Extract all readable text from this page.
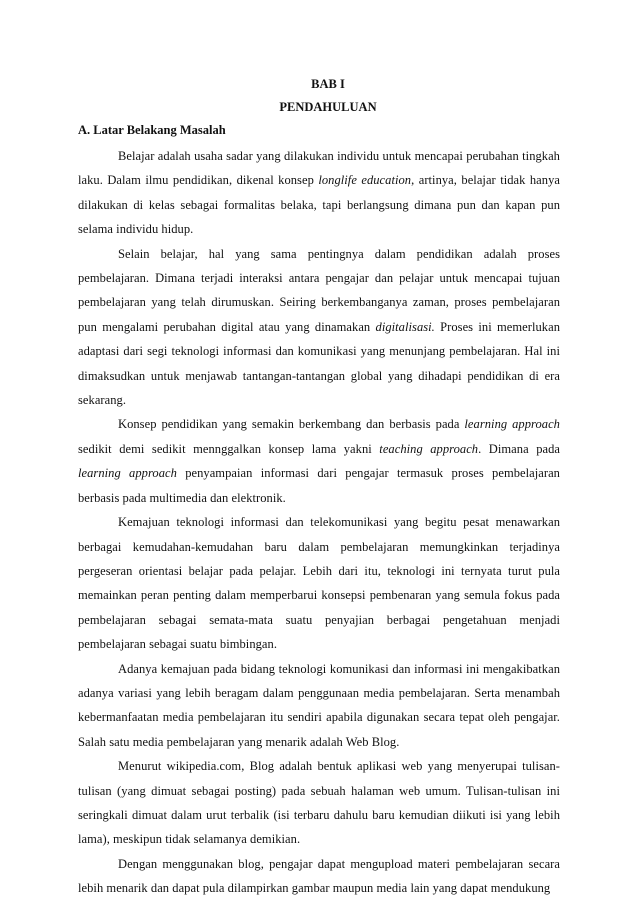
BAB I

PENDAHULUAN

A. Latar Belakang Masalah

Belajar adalah usaha sadar yang dilakukan individu untuk mencapai perubahan tingkah laku. Dalam ilmu pendidikan, dikenal konsep longlife education, artinya, belajar tidak hanya dilakukan di kelas sebagai formalitas belaka, tapi berlangsung dimana pun dan kapan pun selama individu hidup.

Selain belajar, hal yang sama pentingnya dalam pendidikan adalah proses pembelajaran. Dimana terjadi interaksi antara pengajar dan pelajar untuk mencapai tujuan pembelajaran yang telah dirumuskan. Seiring berkembanganya zaman, proses pembelajaran pun mengalami perubahan digital atau yang dinamakan digitalisasi. Proses ini memerlukan adaptasi dari segi teknologi informasi dan komunikasi yang menunjang pembelajaran. Hal ini dimaksudkan untuk menjawab tantangan-tantangan global yang dihadapi pendidikan di era sekarang.

Konsep pendidikan yang semakin berkembang dan berbasis pada learning approach sedikit demi sedikit mennggalkan konsep lama yakni teaching approach. Dimana pada learning approach penyampaian informasi dari pengajar termasuk proses pembelajaran berbasis pada multimedia dan elektronik.

Kemajuan teknologi informasi dan telekomunikasi yang begitu pesat menawarkan berbagai kemudahan-kemudahan baru dalam pembelajaran memungkinkan terjadinya pergeseran orientasi belajar pada pelajar. Lebih dari itu, teknologi ini ternyata turut pula memainkan peran penting dalam memperbarui konsepsi pembenaran yang semula fokus pada pembelajaran sebagai semata-mata suatu penyajian berbagai pengetahuan menjadi pembelajaran sebagai suatu bimbingan.

Adanya kemajuan pada bidang teknologi komunikasi dan informasi ini mengakibatkan adanya variasi yang lebih beragam dalam penggunaan media pembelajaran. Serta menambah kebermanfaatan media pembelajaran itu sendiri apabila digunakan secara tepat oleh pengajar. Salah satu media pembelajaran yang menarik adalah Web Blog.

Menurut wikipedia.com, Blog adalah bentuk aplikasi web yang menyerupai tulisan-tulisan (yang dimuat sebagai posting) pada sebuah halaman web umum. Tulisan-tulisan ini seringkali dimuat dalam urut terbalik (isi terbaru dahulu baru kemudian diikuti isi yang lebih lama), meskipun tidak selamanya demikian.

Dengan menggunakan blog, pengajar dapat mengupload materi pembelajaran secara lebih menarik dan dapat pula dilampirkan gambar maupun media lain yang dapat mendukung
